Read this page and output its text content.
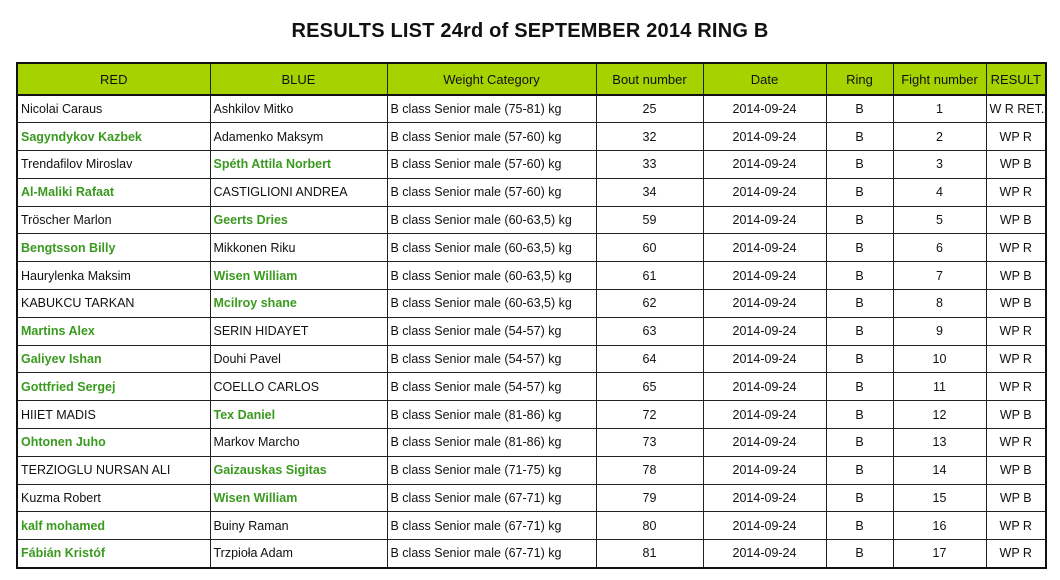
RESULTS LIST 24rd of SEPTEMBER 2014 RING B
RED	BLUE	Weight Category	Bout number	Date	Ring	Fight number	RESULT
Nicolai Caraus	Ashkilov Mitko	B class Senior male (75-81) kg	25	2014-09-24	B	1	W R RET.
Sagyndykov Kazbek	Adamenko Maksym	B class Senior male (57-60) kg	32	2014-09-24	B	2	WP R
Trendafilov Miroslav	Spéth Attila Norbert	B class Senior male (57-60) kg	33	2014-09-24	B	3	WP B
Al-Maliki Rafaat	CASTIGLIONI ANDREA	B class Senior male (57-60) kg	34	2014-09-24	B	4	WP R
Tröscher Marlon	Geerts Dries	B class Senior male (60-63,5) kg	59	2014-09-24	B	5	WP B
Bengtsson Billy	Mikkonen Riku	B class Senior male (60-63,5) kg	60	2014-09-24	B	6	WP R
Haurylenka Maksim	Wisen William	B class Senior male (60-63,5) kg	61	2014-09-24	B	7	WP B
KABUKCU TARKAN	Mcilroy shane	B class Senior male (60-63,5) kg	62	2014-09-24	B	8	WP B
Martins Alex	SERIN HIDAYET	B class Senior male (54-57) kg	63	2014-09-24	B	9	WP R
Galiyev Ishan	Douhi Pavel	B class Senior male (54-57) kg	64	2014-09-24	B	10	WP R
Gottfried Sergej	COELLO CARLOS	B class Senior male (54-57) kg	65	2014-09-24	B	11	WP R
HIIET MADIS	Tex Daniel	B class Senior male (81-86) kg	72	2014-09-24	B	12	WP B
Ohtonen Juho	Markov Marcho	B class Senior male (81-86) kg	73	2014-09-24	B	13	WP R
TERZIOGLU NURSAN ALI	Gaizauskas Sigitas	B class Senior male (71-75) kg	78	2014-09-24	B	14	WP B
Kuzma Robert	Wisen William	B class Senior male (67-71) kg	79	2014-09-24	B	15	WP B
kalf mohamed	Buiny Raman	B class Senior male (67-71) kg	80	2014-09-24	B	16	WP R
Fábián Kristóf	Trzpioła Adam	B class Senior male (67-71) kg	81	2014-09-24	B	17	WP R
